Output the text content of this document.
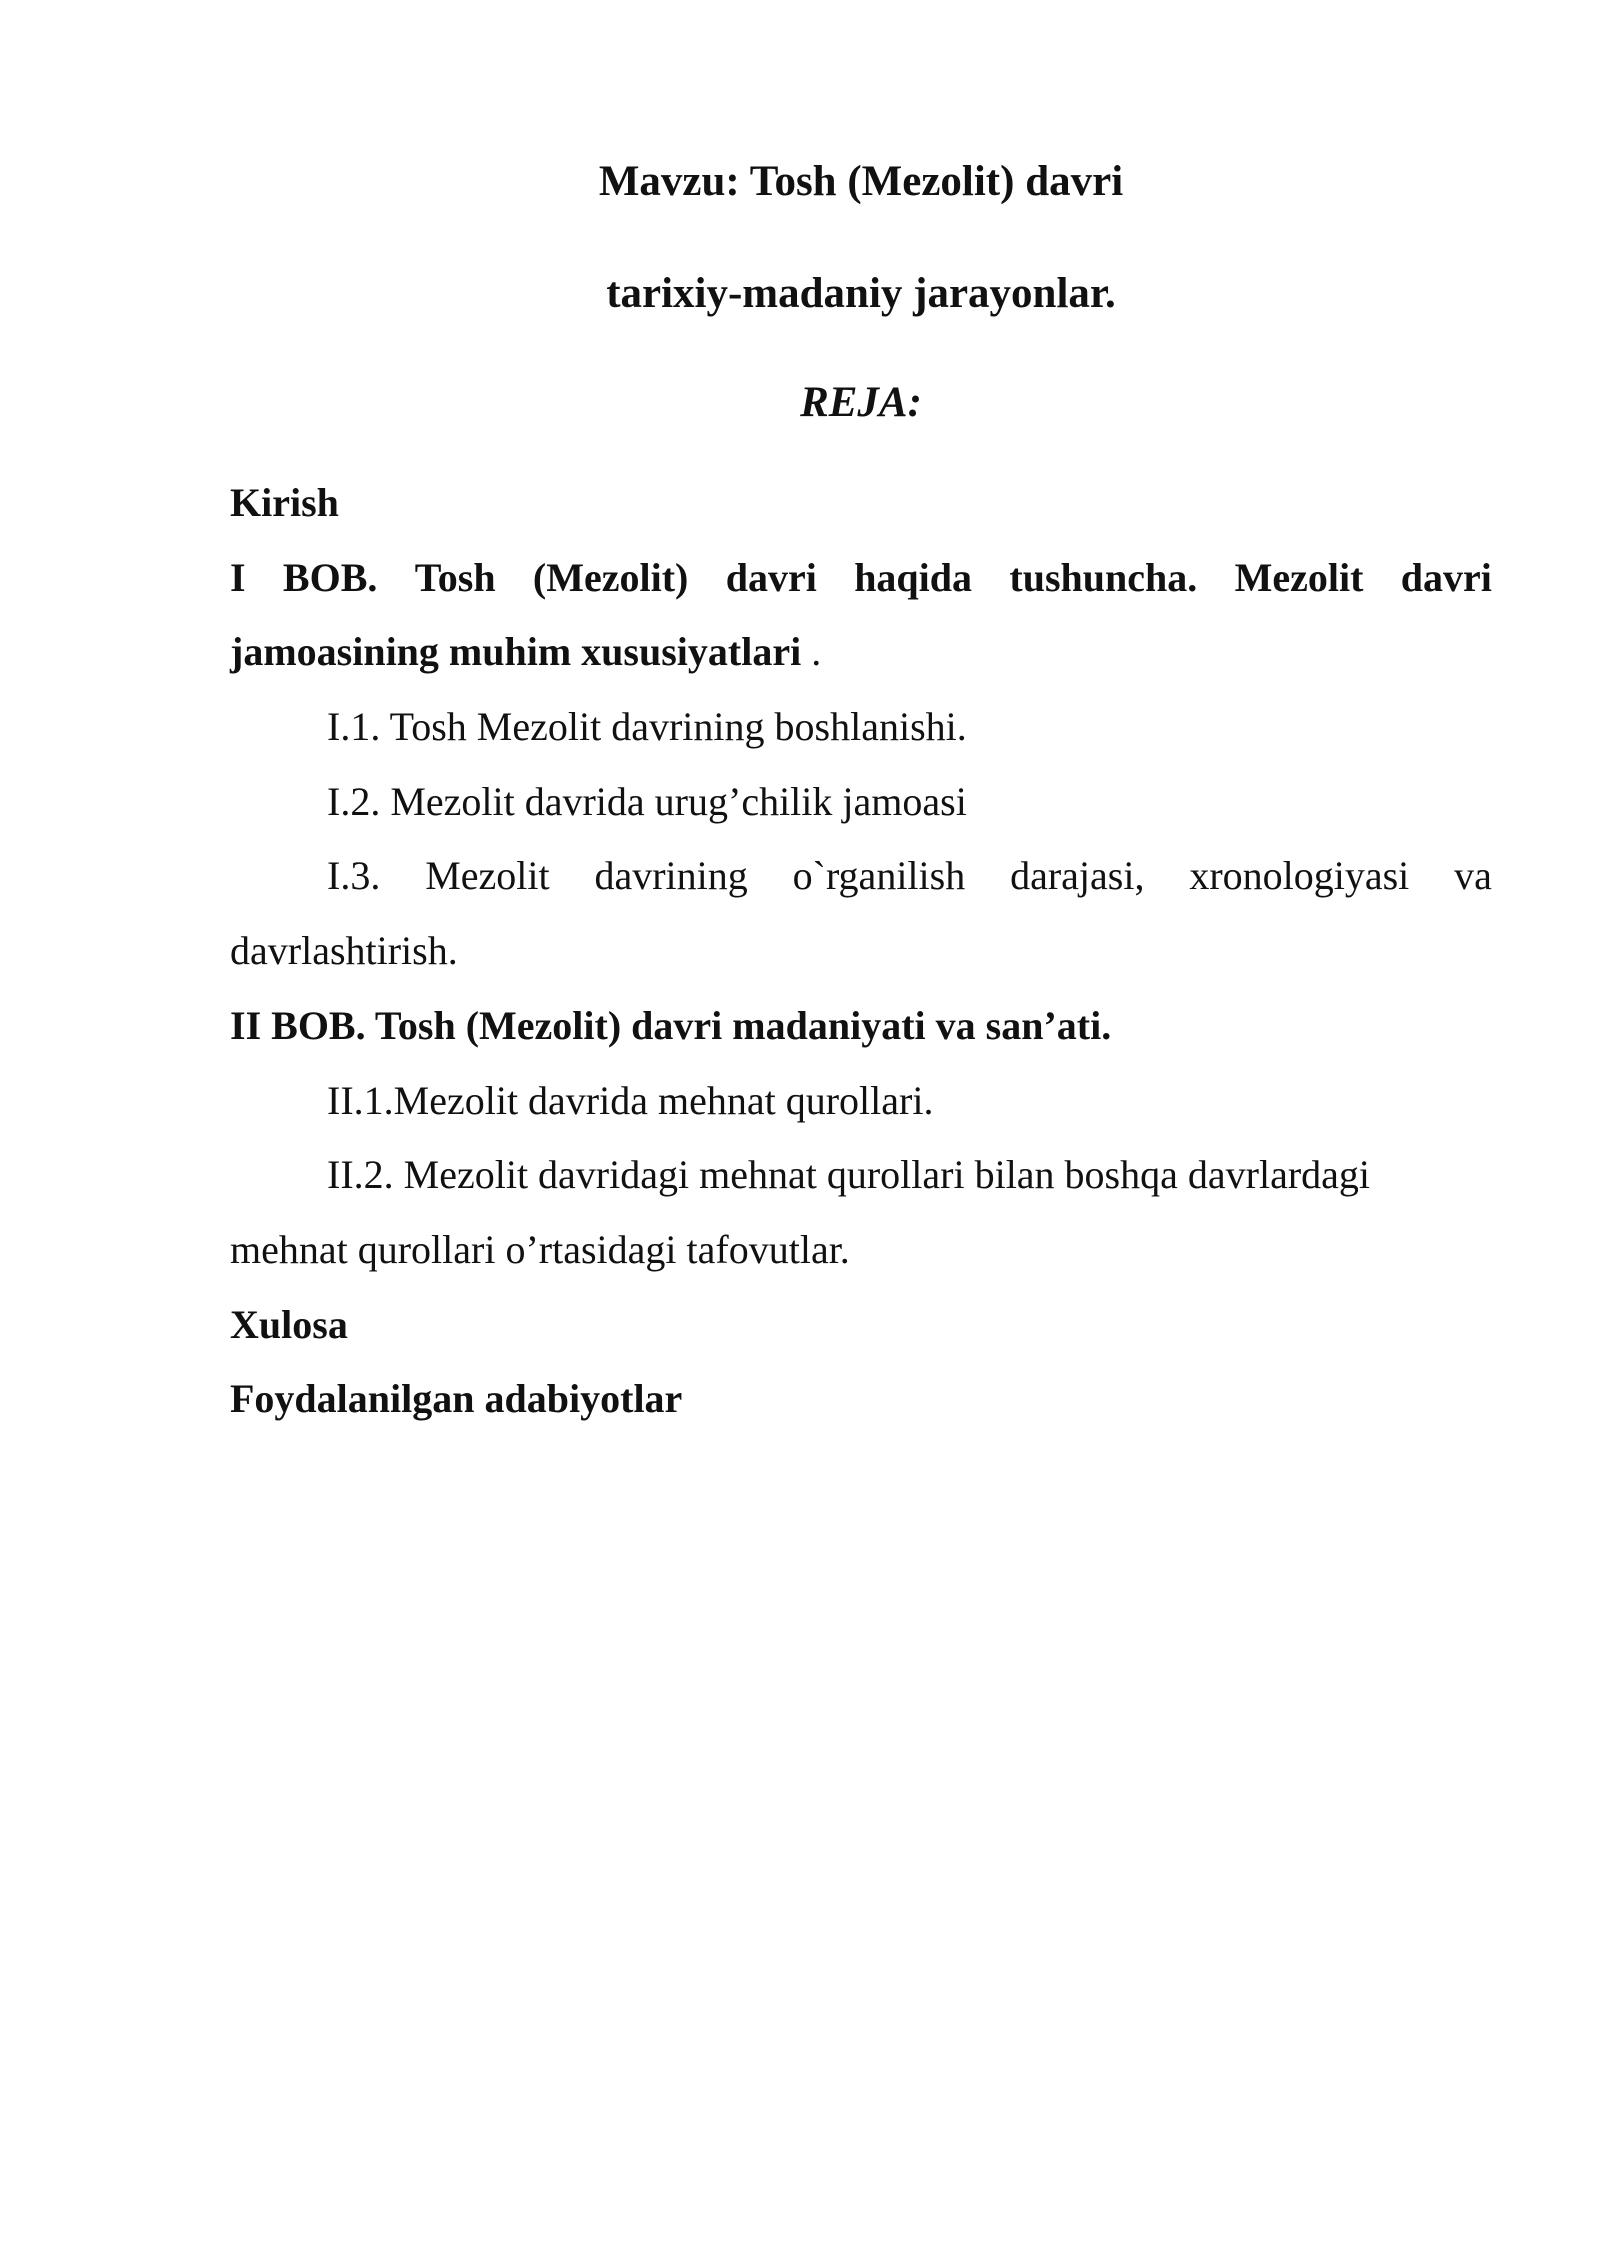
Mavzu: Tosh (Mezolit) davri
tarixiy-madaniy jarayonlar.
REJA:
Kirish
I BOB. Tosh (Mezolit) davri haqida tushuncha. Mezolit davri
jamoasining muhim xususiyatlari .
I.1. Tosh Mezolit davrining boshlanishi.
I.2. Mezolit davrida urug’chilik jamoasi
I.3. Mezolit davrining o`rganilish darajasi, xronologiyasi va
davrlashtirish.
II BOB. Tosh (Mezolit) davri madaniyati va san’ati.
II.1.Mezolit davrida mehnat qurollari.
II.2. Mezolit davridagi mehnat qurollari bilan boshqa davrlardagi
mehnat qurollari o’rtasidagi tafovutlar.
Xulosa
Foydalanilgan adabiyotlar
